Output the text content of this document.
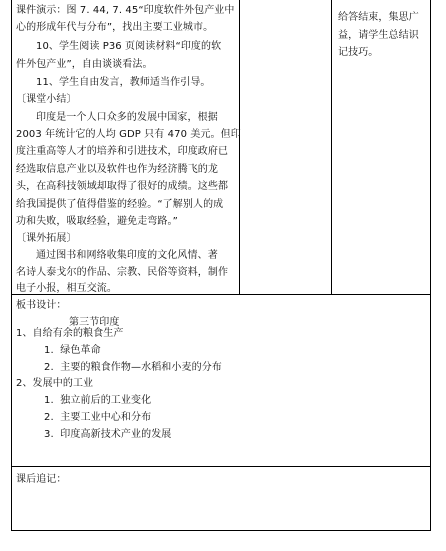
课件演示：图 7. 44, 7. 45“印度软件外包产业中
心的形成年代与分布”，找出主要工业城市。
10、学生阅读 P36 页阅读材料“印度的软
件外包产业”，自由谈谈看法。
11、学生自由发言，教师适当作引导。
〔课堂小结〕
印度是一个人口众多的发展中国家，根据
2003 年统计它的人均 GDP 只有 470 美元。但印
度注重高等人才的培养和引进技术，印度政府已
经选取信息产业以及软件也作为经济腾飞的龙
头，在高科技领域却取得了很好的成绩。这些都
给我国提供了值得借鉴的经验。“了解别人的成
功和失败，吸取经验，避免走弯路。”
〔课外拓展〕
通过图书和网络收集印度的文化风情、著
名诗人泰戈尔的作品、宗教、民俗等资料，制作
电子小报，相互交流。
给答结束，集思广
益，请学生总结识
记技巧。
板书设计：
第三节印度
1、自给有余的粮食生产
1.  绿色革命
2.  主要的粮食作物—水稻和小麦的分布
2、发展中的工业
1.  独立前后的工业变化
2.  主要工业中心和分布
3.  印度高新技术产业的发展
课后追记：
